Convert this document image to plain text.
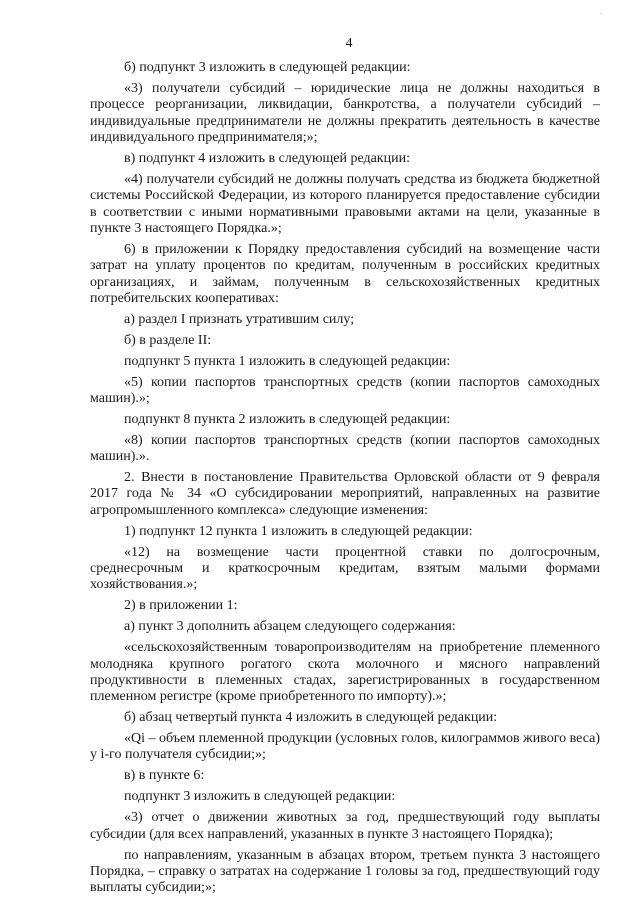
·
4

б) подпункт 3 изложить в следующей редакции:

«3) получатели субсидий – юридические лица не должны находиться в процессе реорганизации, ликвидации, банкротства, а получатели субсидий – индивидуальные предприниматели не должны прекратить деятельность в качестве индивидуального предпринимателя;»;

в) подпункт 4 изложить в следующей редакции:

«4) получатели субсидий не должны получать средства из бюджета бюджетной системы Российской Федерации, из которого планируется предоставление субсидии в соответствии с иными нормативными правовыми актами на цели, указанные в пункте 3 настоящего Порядка.»;

6) в приложении к Порядку предоставления субсидий на возмещение части затрат на уплату процентов по кредитам, полученным в российских кредитных организациях, и займам, полученным в сельскохозяйственных кредитных потребительских кооперативах:

а) раздел I признать утратившим силу;

б) в разделе II:

подпункт 5 пункта 1 изложить в следующей редакции:

«5) копии паспортов транспортных средств (копии паспортов самоходных машин).»;

подпункт 8 пункта 2 изложить в следующей редакции:

«8) копии паспортов транспортных средств (копии паспортов самоходных машин).».

2. Внести в постановление Правительства Орловской области от 9 февраля 2017 года № 34 «О субсидировании мероприятий, направленных на развитие агропромышленного комплекса» следующие изменения:

1) подпункт 12 пункта 1 изложить в следующей редакции:

«12) на возмещение части процентной ставки по долгосрочным, среднесрочным и краткосрочным кредитам, взятым малыми формами хозяйствования.»;

2) в приложении 1:

а) пункт 3 дополнить абзацем следующего содержания:

«сельскохозяйственным товаропроизводителям на приобретение племенного молодняка крупного рогатого скота молочного и мясного направлений продуктивности в племенных стадах, зарегистрированных в государственном племенном регистре (кроме приобретенного по импорту).»;

б) абзац четвертый пункта 4 изложить в следующей редакции:

«Qi – объем племенной продукции (условных голов, килограммов живого веса) у i-го получателя субсидии;»;

в) в пункте 6:

подпункт 3 изложить в следующей редакции:

«3) отчет о движении животных за год, предшествующий году выплаты субсидии (для всех направлений, указанных в пункте 3 настоящего Порядка);

по направлениям, указанным в абзацах втором, третьем пункта 3 настоящего Порядка, – справку о затратах на содержание 1 головы за год, предшествующий году выплаты субсидии;»;
